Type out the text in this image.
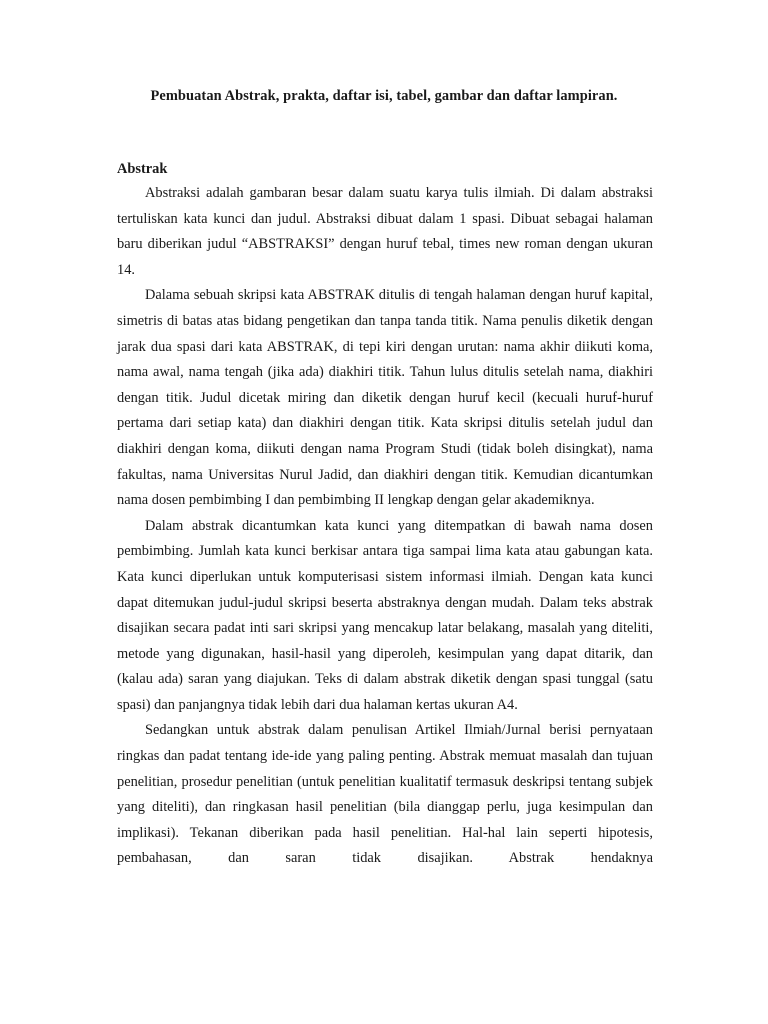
Pembuatan Abstrak, prakta, daftar isi, tabel, gambar dan daftar lampiran.
Abstrak

Abstraksi adalah gambaran besar dalam suatu karya tulis ilmiah. Di dalam abstraksi tertuliskan kata kunci dan judul. Abstraksi dibuat dalam 1 spasi. Dibuat sebagai halaman baru diberikan judul “ABSTRAKSI” dengan huruf tebal, times new roman dengan ukuran 14.

Dalama sebuah skripsi kata ABSTRAK ditulis di tengah halaman dengan huruf kapital, simetris di batas atas bidang pengetikan dan tanpa tanda titik. Nama penulis diketik dengan jarak dua spasi dari kata ABSTRAK, di tepi kiri dengan urutan: nama akhir diikuti koma, nama awal, nama tengah (jika ada) diakhiri titik. Tahun lulus ditulis setelah nama, diakhiri dengan titik. Judul dicetak miring dan diketik dengan huruf kecil (kecuali huruf-huruf pertama dari setiap kata) dan diakhiri dengan titik. Kata skripsi ditulis setelah judul dan diakhiri dengan koma, diikuti dengan nama Program Studi (tidak boleh disingkat), nama fakultas, nama Universitas Nurul Jadid, dan diakhiri dengan titik. Kemudian dicantumkan nama dosen pembimbing I dan pembimbing II lengkap dengan gelar akademiknya.

Dalam abstrak dicantumkan kata kunci yang ditempatkan di bawah nama dosen pembimbing. Jumlah kata kunci berkisar antara tiga sampai lima kata atau gabungan kata. Kata kunci diperlukan untuk komputerisasi sistem informasi ilmiah. Dengan kata kunci dapat ditemukan judul-judul skripsi beserta abstraknya dengan mudah. Dalam teks abstrak disajikan secara padat inti sari skripsi yang mencakup latar belakang, masalah yang diteliti, metode yang digunakan, hasil-hasil yang diperoleh, kesimpulan yang dapat ditarik, dan (kalau ada) saran yang diajukan. Teks di dalam abstrak diketik dengan spasi tunggal (satu spasi) dan panjangnya tidak lebih dari dua halaman kertas ukuran A4.

Sedangkan untuk abstrak dalam penulisan Artikel Ilmiah/Jurnal berisi pernyataan ringkas dan padat tentang ide-ide yang paling penting. Abstrak memuat masalah dan tujuan penelitian, prosedur penelitian (untuk penelitian kualitatif termasuk deskripsi tentang subjek yang diteliti), dan ringkasan hasil penelitian (bila dianggap perlu, juga kesimpulan dan implikasi). Tekanan diberikan pada hasil penelitian. Hal-hal lain seperti hipotesis, pembahasan, dan saran tidak disajikan. Abstrak hendaknya
